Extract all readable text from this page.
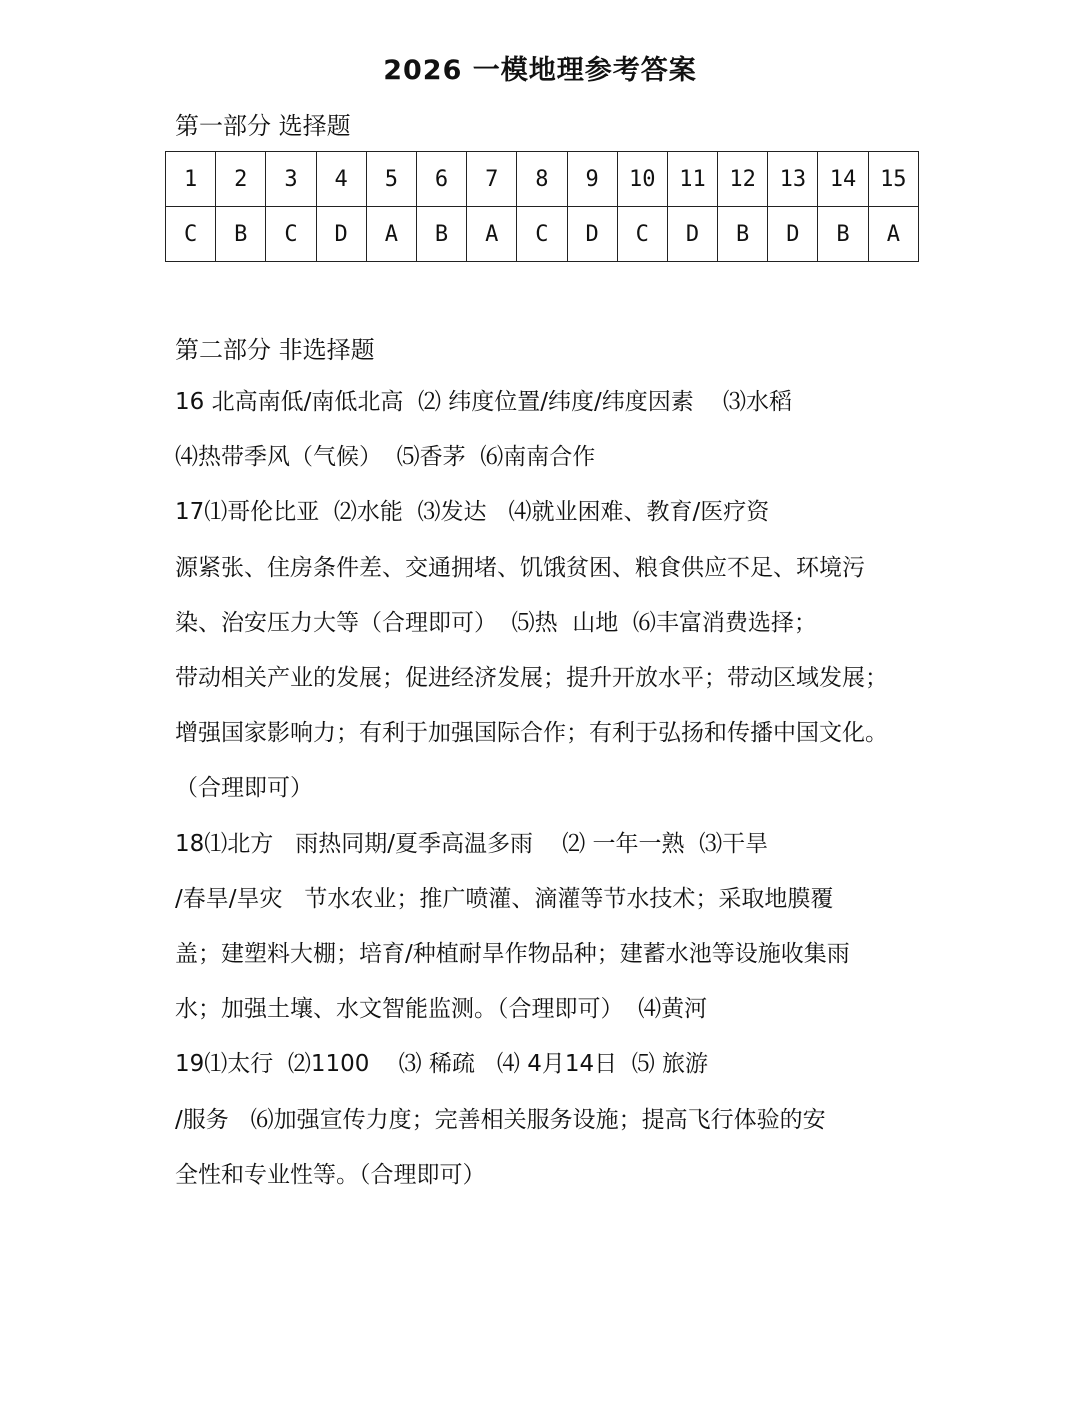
2026 一模地理参考答案
第一部分 选择题
1	2	3	4	5	6	7	8	9	10	11	12	13	14	15
C	B	C	D	A	B	A	C	D	C	D	B	D	B	A
第二部分 非选择题

16 北高南低/南低北高  ⑵ 纬度位置/纬度/纬度因素    ⑶水稻

⑷热带季风（气候）  ⑸香茅  ⑹南南合作

17⑴哥伦比亚  ⑵水能  ⑶发达   ⑷就业困难、教育/医疗资

源紧张、住房条件差、交通拥堵、饥饿贫困、粮食供应不足、环境污

染、治安压力大等（合理即可）  ⑸热  山地  ⑹丰富消费选择；

带动相关产业的发展；促进经济发展；提升开放水平；带动区域发展；

增强国家影响力；有利于加强国际合作；有利于弘扬和传播中国文化。

（合理即可）

18⑴北方   雨热同期/夏季高温多雨    ⑵ 一年一熟  ⑶干旱

/春旱/旱灾   节水农业；推广喷灌、滴灌等节水技术；采取地膜覆

盖；建塑料大棚；培育/种植耐旱作物品种；建蓄水池等设施收集雨

水；加强土壤、水文智能监测。（合理即可）  ⑷黄河

19⑴太行  ⑵1100    ⑶ 稀疏   ⑷ 4月14日  ⑸ 旅游

/服务   ⑹加强宣传力度；完善相关服务设施；提高飞行体验的安

全性和专业性等。（合理即可）
